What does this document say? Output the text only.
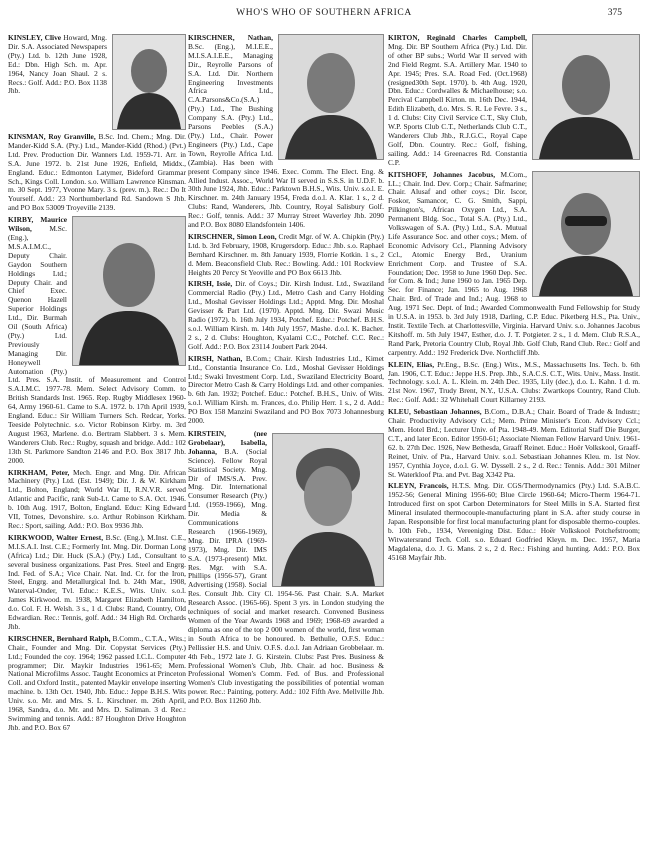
WHO'S WHO OF SOUTHERN AFRICA	375
KINSLEY, Clive Howard, Mng. Dir. S.A. Associated Newspapers (Pty.) Ltd. b. 12th June 1928, Ed.: Dbn. High Sch. m. Apr. 1964, Nancy Joan Shaul. 2 s. Recs.: Golf. Add.: P.O. Box 1138 Jhb.
KINSMAN, Roy Granville, B.Sc. Ind. Chem.; Mng. Dir. Mander-Kidd S.A. (Pty.) Ltd., Mander-Kidd (Rhod.) (Pvt.) Ltd. Prev. Production Dir. Wanners Ltd. 1959-71. Arr. in S.A. June 1972. b. 21st June 1926, Enfield, Middx., England. Educ.: Edmonton Latymer, Bideford Grammar Sch., Kings Coll. London. s.o. William Lawrence Kinsman. m. 30 Sept. 1977, Yvonne Mary. 3 s. (prev. m.). Rec.: Do It Yourself. Add.: 23 Northumberland Rd. Sandown S Jhb. and PO Box 53009 Troyeville 2139.
KIRBY, Maurice Wilson, M.Sc.(Eng.), M.S.A.I.M.C., Deputy Chair. Gaydon Southern Holdings Ltd.; Deputy Chair. and Chief Exec. Quenon Hazell Superior Holdings Ltd., Dir. Burmah Oil (South Africa) (Pty.) Ltd. Previously Managing Dir. Honeywell Automation (Pty.) Ltd. Pres. S.A. Instit. of Measurement and Control S.A.I.M.C. 1977-78. Mem. Select Advisory Comm. to British Standards Inst. 1965. Rep. Rugby Middlesex 1960-64, Army 1960-61. Came to S.A. 1972. b. 17th April 1939, England. Educ.: Sir William Turners Sch. Redcar, Yorks. Teeside Polytechnic. s.o. Victor Robinson Kirby. m. 3rd August 1963, Marlene. d.o. Bertram Slabbert. 3 s. Mem. Wanderers Club. Rec.: Rugby, squash and bridge. Add.: 102 13th St. Parkmore Sandton 2146 and P.O. Box 3817 Jhb. 2000.
KIRKHAM, Peter, Mech. Engr. and Mng. Dir. African Machinery (Pty.) Ltd. (Est. 1949); Dir. J. & W. Kirkham Ltd., Bolton, England; World War II, R.N.V.R. served Atlantic and Pacific, rank Sub-Lt. Came to S.A. Oct. 1946. b. 10th Aug. 1917, Bolton, England. Educ: King Edward VII, Totnes, Devonshire. s.o. Arthur Robinson Kirkham. Rec.: Sport, sailing. Add.: P.O. Box 9936 Jhb.
KIRKWOOD, Walter Ernest, B.Sc. (Eng.), M.Inst. C.E., M.I.S.A.I. Inst. C.E.; Formerly Int. Mng. Dir. Dorman Long (Africa) Ltd.; Dir. Huck (S.A.) (Pty.) Ltd., Consultant to several business organizations. Past Pres. Steel and Engrg. Ind. Fed. of S.A.; Vice Chair. Nat. Ind. Cr. for the Iron, Steel, Engrg. and Metallurgical Ind. b. 24th Mar., 1908, Waterval-Onder, Tvl. Educ.: K.E.S., Wits. Univ. s.o.l. James Kirkwood. m. 1938, Margaret Elizabeth Hamilton, d.o. Col. F. H. Welsh. 3 s., 1 d. Clubs: Rand, Country, Old Edwardian. Rec.: Tennis, golf. Add.: 34 High Rd. Orchards Jhb.
KIRSCHNER, Bernhard Ralph, B.Comm., C.T.A., Wits.; Chair., Founder and Mng. Dir. Copystat Services (Pty.) Ltd.; Founded the coy. 1964; 1962 passed I.C.L. Computer programmer; Dir. Maykir Industries 1961-65; Mem. National Microfilms Assoc. Taught Economics at Princeton Coll. and Oxford Instit., patented Maykir envelope inserting machine. b. 13th Oct. 1940, Jhb. Educ.: Jeppe B.H.S. Wits Univ. s.o. Mr. and Mrs. S. L. Kirschner. m. 26th April, 1968, Sandra, d.o. Mr. and Mrs. D. Saliman. 3 d. Rec.: Swimming and tennis. Add.: 87 Houghton Drive Houghton Jhb. and P.O. Box 67
KIRSCHNER, Nathan, B.Sc. (Eng.), M.I.E.E., M.I.S.A.I.E.E., Managing Dir., Reyrolle Parsons of S.A. Ltd. Dir. Northern Engineering Investments Africa Ltd., C.A.Parsons&Co.(S.A.) (Pty.) Ltd., The Bushing Company S.A. (Pty.) Ltd., Parsons Peebles (S.A.) (Pty.) Ltd., Chair. Power Engineers (Pty.) Ltd., Cape Town, Reyrolle Africa Ltd. (Zambia). Has been with present Company since 1946. Exec. Comm. The Elect. Eng. & Allied Indust. Assoc., World War II served in S.S.S. in U.D.F. b. 30th June 1924, Jhb. Educ.: Parktown B.H.S., Wits. Univ. s.o.l. E. Kirschner. m. 24th January 1954, Freda d.o.l. A. Klar. 1 s., 2 d. Clubs: Rand, Wanderers, Jhb. Country, Royal Salisbury Golf. Rec.: Golf, tennis. Add.: 37 Murray Street Waverley Jhb. 2090 and P.O. Box 8080 Elandsfontein 1406.
KIRSCHNER, Simon Leon, Credit Mgr. of W. A. Chipkin (Pty.) Ltd. b. 3rd February, 1908, Krugersdorp. Educ.: Jhb. s.o. Raphael Bernhard Kirschner. m. 8th January 1939, Florrie Kotkin. 1 s., 2 d. Mem. Beaconsfield Club. Rec.: Bowling. Add.: 101 Rockview Heights 20 Percy St Yeoville and PO Box 6613 Jhb.
KIRSH, Issie, Dir. of Coys.; Dir. Kirsh Indust. Ltd., Swaziland Commercial Radio (Pty.) Ltd., Metro Cash and Carry Holding Ltd., Moshal Gevisser Holdings Ltd.; Apptd. Mng. Dir. Moshal Gevisser & Part Ltd. (1970). Apptd. Mng. Dir. Swazi Music Radio (1972). b. 16th July 1934, Potchef. Educ.: Potchef. B.H.S. s.o.l. William Kirsh. m. 14th July 1957, Mashe. d.o.l. K. Bacher. 2 s., 2 d. Clubs: Houghton, Kyalami C.C., Potchef. C.C. Rec.: Golf. Add.: P.O. Box 23114 Joubert Park 2044.
KIRSH, Nathan, B.Com.; Chair. Kirsh Industries Ltd., Kimet Ltd., Constantia Insurance Co. Ltd., Moshal Gevisser Holdings Ltd.; Swaki Investment Corp. Ltd., Swaziland Electricity Board, Director Metro Cash & Carry Holdings Ltd. and other companies. b. 6th Jan. 1932; Potchef. Educ.: Potchef. B.H.S., Univ. of Wits. s.o.l. William Kirsh. m. Frances, d.o. Philip Herr. 1 s., 2 d. Add.: PO Box 158 Manzini Swaziland and PO Box 7073 Johannesburg 2000.
KIRSTEIN, (nee Grobelaar), Isabella, Johanna, B.A. (Social Science). Fellow Royal Statistical Society. Mng. Dir of IMS/S.A. Prev. Mng. Dir. International Consumer Research (Pty.) Ltd. (1959-1966), Mng. Dir. Media & Communications Research (1966-1969), Mng. Dir. IPRA (1969-1973), Mng. Dir. IMS S.A. (1973-present) Mkt. Res. Mgr. with S.A. Phillips (1956-57), Grant Advertising (1958). Social Res. Consult Jhb. City Cl. 1954-56. Past Chair. S.A. Market Research Assoc. (1965-66). Spent 3 yrs. in London studying the techniques of social and market research. Convened Business Women of the Year Awards 1968 and 1969; 1968-69 awarded a diploma as one of the top 2 000 women of the world, first woman in South Africa to be honoured. b. Bethulie, O.F.S. Educ.: Pellissier H.S. and Univ. O.F.S. d.o.l. Jan Adriaan Grobbelaar. m. 4th Feb., 1972 late J. G. Kirstein. Clubs: Past Pres. Business & Professional Women's Club, Jhb. Chair. ad hoc. Business & Professional Women's Comm. Fed. of Bus. and Professional Women's Club investigating the possibilities of potential woman power. Rec.: Painting, pottery. Add.: 102 Fifth Ave. Mellville Jhb. and P.O. Box 11260 Jhb.
KIRTON, Reginald Charles Campbell, Mng. Dir. BP Southern Africa (Pty.) Ltd. Dir. of other BP subs.; World War II served with 2nd Field Regmt. S.A. Artillery Mar. 1940 to Apr. 1945; Pres. S.A. Road Fed. (Oct.1968)(resigned30th Sept. 1970). b. 4th Aug. 1920, Dbn. Educ.: Cordwalles & Michaelhouse; s.o. Percival Campbell Kirton. m. 16th Dec. 1944, Edith Elizabeth, d.o. Mrs. S. R. Le Fevre. 3 s., 1 d. Clubs: City Civil Service C.T., Sky Club, W.P. Sports Club C.T., Netherlands Club C.T., Wanderers Club Jhb., R.J.G.C., Royal Cape Golf, Dbn. Country. Rec.: Golf, fishing, sailing. Add.: 14 Greenacres Rd. Constantia C.P.
KITSHOFF, Johannes Jacobus, M.Com., LL.; Chair. Ind. Dev. Corp.; Chair. Safmarine; Chair. Alusaf and other coys.; Dir. Iscor, Foskor, Samancor, C. G. Smith, Sappi, Pilkington's, African Oxygen Ltd., S.A. Permanent Bldg. Soc., Total S.A. (Pty.) Ltd., Volkswagen of S.A. (Pty.) Ltd., S.A. Mutual Life Assurance Soc. and other coys.; Mem. of Economic Advisory Ccl., Planning Advisory Ccl., Atomic Energy Brd., Uranium Enrichment Corp. and Trustee of S.A. Foundation; Dec. 1958 to June 1960 Dep. Sec. for Com. & Ind.; June 1960 to Jan. 1965 Dep. Sec. for Finance; Jan. 1965 to Aug. 1968 Chair. Brd. of Trade and Ind.; Aug. 1968 to Aug. 1971 Sec. Dept. of Ind.; Awarded Commonwealth Fund Fellowship for Study in U.S.A. in 1953. b. 3rd July 1918, Darling, C.P. Educ. Piketberg H.S., Pta. Univ., Instit. Textile Tech. at Charlottesville, Virginia. Harvard Univ. s.o. Johannes Jacobus Kitshoff. m. 5th July 1947, Esther, d.o. J. T. Potgieter. 2 s., 1 d. Mem. Club R.S.A., Rand Park, Pretoria Country Club, Royal Jhb. Golf Club, Rand Club. Rec.: Golf and carpentry. Add.: 192 Frederick Dve. Northcliff Jhb.
KLEIN, Elias, Pr.Eng., B.Sc. (Eng.) Wits., M.S., Massachusetts Ins. Tech. b. 6th Jan. 1906, C.T. Educ.: Jeppe H.S. Prep. Jhb., S.A.C.S. C.T., Wits. Univ., Mass. Instit. Technology. s.o.l. A. L. Klein. m. 24th Dec. 1935, Lily (dec.), d.o. L. Kahn. 1 d. m. 21st Nov. 1967, Trudy Brent, N.Y., U.S.A. Clubs: Zwartkops Country, Rand Club. Rec.: Golf. Add.: 32 Whitehall Court Killarney 2193.
KLEU, Sebastiaan Johannes, B.Com., D.B.A.; Chair. Board of Trade & Industr.; Chair. Productivity Advisory Ccl.; Mem. Prime Minister's Econ. Advisory Ccl.; Mem. Hotel Brd.; Lecturer Univ. of Pta. 1948-49. Mem. Editorial Staff Die Burger, C.T., and later Econ. Editor 1950-61; Associate Nieman Fellow Harvard Univ. 1961-62. b. 27th Dec. 1926, New Bethesda, Graaff Reinet. Educ.: Hoër Volkskool, Graaff-Reinet, Univ. of Pta., Harvard Univ. s.o.l. Sebastiaan Johannes Kleu. m. 1st Nov. 1957, Cynthia Joyce, d.o.l. G. W. Dyssell. 2 s., 2 d. Rec.: Tennis. Add.: 301 Milner St. Waterkloof Pta. and Pvt. Bag X342 Pta.
KLEYN, Francois, H.T.S. Mng. Dir. CGS/Thermodynamics (Pty.) Ltd. S.A.B.C. 1952-56; General Mining 1956-60; Blue Circle 1960-64; Micro-Therm 1964-71. Introduced first on spot Carbon Determinators for Steel Mills in S.A. Started first Mineral insulated thermocouple-manufacturing plant in S.A. after study course in Japan. Responsible for first local manufacturing plant for disposable thermo-couples. b. 10th Feb., 1934, Vereeniging Dist. Educ.: Hoër Volkskool Potchefstroom; Witwatersrand Tech. Coll. s.o. Eduard Godfried Kleyn. m. Dec. 1957, Maria Magdalena, d.o. J. G. Mans. 2 s., 2 d. Rec.: Fishing and hunting. Add.: P.O. Box 45168 Mayfair Jhb.
